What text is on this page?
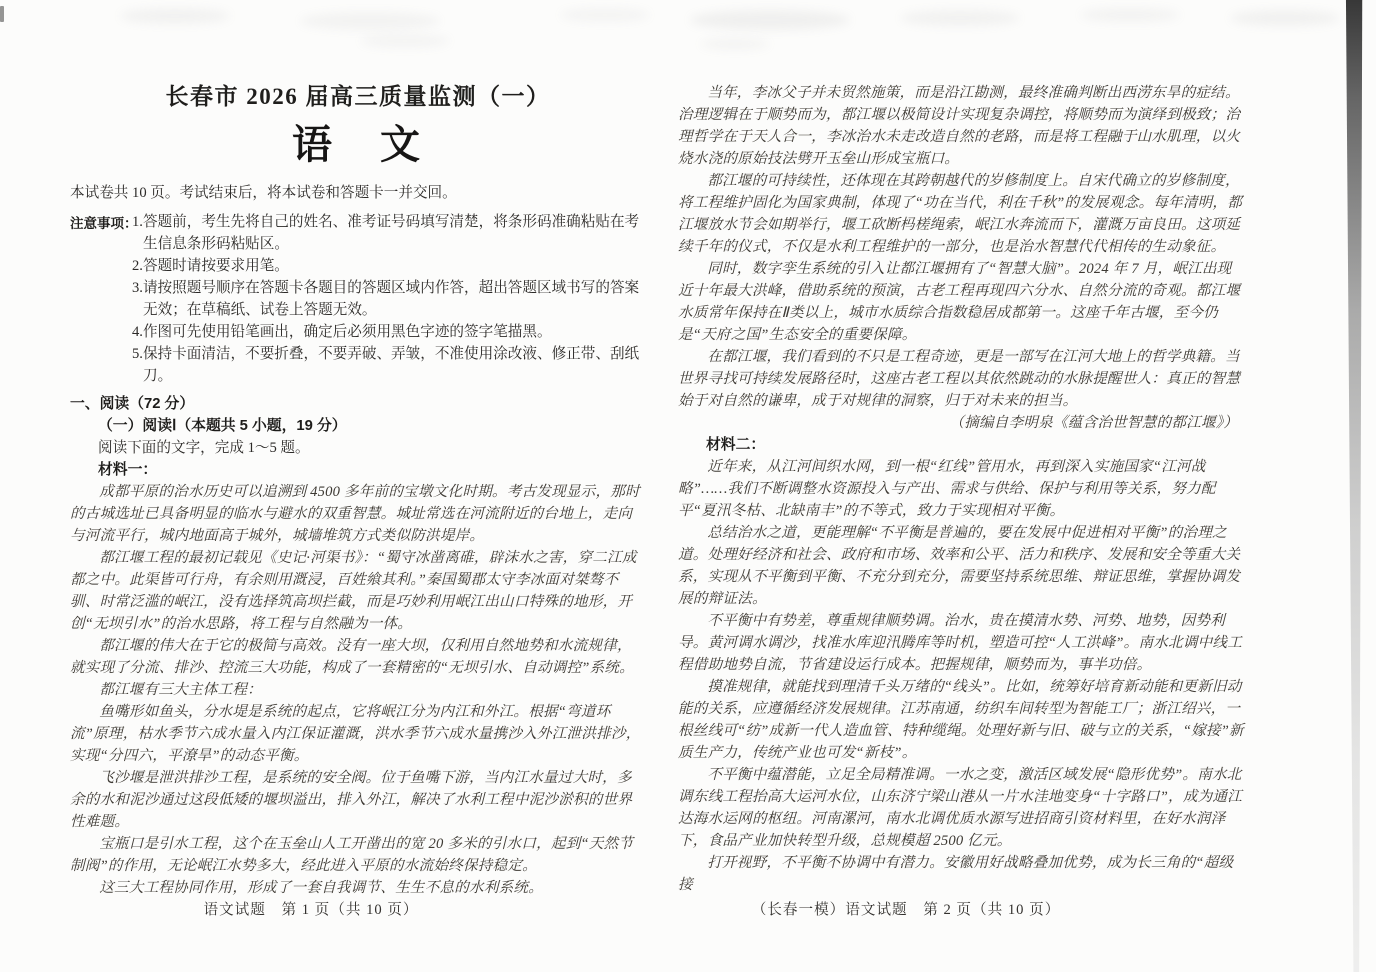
长春市 2026 届高三质量监测（一）
语　文

本试卷共 10 页。考试结束后，将本试卷和答题卡一并交回。

注意事项：
1.答题前，考生先将自己的姓名、准考证号码填写清楚，将条形码准确粘贴在考生信息条形码粘贴区。
2.答题时请按要求用笔。
3.请按照题号顺序在答题卡各题目的答题区域内作答，超出答题区域书写的答案无效；在草稿纸、试卷上答题无效。
4.作图可先使用铅笔画出，确定后必须用黑色字迹的签字笔描黑。
5.保持卡面清洁，不要折叠，不要弄破、弄皱，不准使用涂改液、修正带、刮纸刀。

一、阅读（72 分）

（一）阅读Ⅰ（本题共 5 小题，19 分）

阅读下面的文字，完成 1～5 题。

材料一：

成都平原的治水历史可以追溯到 4500 多年前的宝墩文化时期。考古发现显示，那时的古城选址已具备明显的临水与避水的双重智慧。城址常选在河流附近的台地上，走向与河流平行，城内地面高于城外，城墙堆筑方式类似防洪堤岸。

都江堰工程的最初记载见《史记·河渠书》：“蜀守冰凿离碓，辟沫水之害，穿二江成都之中。此渠皆可行舟，有余则用溉浸，百姓飨其利。”秦国蜀郡太守李冰面对桀骜不驯、时常泛滥的岷江，没有选择筑高坝拦截，而是巧妙利用岷江出山口特殊的地形，开创“无坝引水”的治水思路，将工程与自然融为一体。

都江堰的伟大在于它的极简与高效。没有一座大坝，仅利用自然地势和水流规律，就实现了分流、排沙、控流三大功能，构成了一套精密的“无坝引水、自动调控”系统。

都江堰有三大主体工程：

鱼嘴形如鱼头，分水堤是系统的起点，它将岷江分为内江和外江。根据“弯道环流”原理，枯水季节六成水量入内江保证灌溉，洪水季节六成水量携沙入外江泄洪排沙，实现“分四六，平潦旱”的动态平衡。

飞沙堰是泄洪排沙工程，是系统的安全阀。位于鱼嘴下游，当内江水量过大时，多余的水和泥沙通过这段低矮的堰坝溢出，排入外江，解决了水利工程中泥沙淤积的世界性难题。

宝瓶口是引水工程，这个在玉垒山人工开凿出的宽 20 多米的引水口，起到“天然节制阀”的作用，无论岷江水势多大，经此进入平原的水流始终保持稳定。

这三大工程协同作用，形成了一套自我调节、生生不息的水利系统。

语文试题　第 1 页（共 10 页）

当年，李冰父子并未贸然施策，而是沿江勘测，最终准确判断出西涝东旱的症结。治理逻辑在于顺势而为，都江堰以极简设计实现复杂调控，将顺势而为演绎到极致；治理哲学在于天人合一，李冰治水未走改造自然的老路，而是将工程融于山水肌理，以火烧水浇的原始技法劈开玉垒山形成宝瓶口。

都江堰的可持续性，还体现在其跨朝越代的岁修制度上。自宋代确立的岁修制度，将工程维护固化为国家典制，体现了“功在当代，利在千秋”的发展观念。每年清明，都江堰放水节会如期举行，堰工砍断杩槎绳索，岷江水奔流而下，灌溉万亩良田。这项延续千年的仪式，不仅是水利工程维护的一部分，也是治水智慧代代相传的生动象征。

同时，数字孪生系统的引入让都江堰拥有了“智慧大脑”。2024 年 7 月，岷江出现近十年最大洪峰，借助系统的预演，古老工程再现四六分水、自然分流的奇观。都江堰水质常年保持在Ⅱ类以上，城市水质综合指数稳居成都第一。这座千年古堰，至今仍是“天府之国”生态安全的重要保障。

在都江堰，我们看到的不只是工程奇迹，更是一部写在江河大地上的哲学典籍。当世界寻找可持续发展路径时，这座古老工程以其依然跳动的水脉提醒世人：真正的智慧始于对自然的谦卑，成于对规律的洞察，归于对未来的担当。

（摘编自李明泉《蕴含治世智慧的都江堰》）

材料二：

近年来，从江河间织水网，到一根“红线”管用水，再到深入实施国家“江河战略”……我们不断调整水资源投入与产出、需求与供给、保护与利用等关系，努力配平“夏汛冬枯、北缺南丰”的不等式，致力于实现相对平衡。

总结治水之道，更能理解“不平衡是普遍的，要在发展中促进相对平衡”的治理之道。处理好经济和社会、政府和市场、效率和公平、活力和秩序、发展和安全等重大关系，实现从不平衡到平衡、不充分到充分，需要坚持系统思维、辩证思维，掌握协调发展的辩证法。

不平衡中有势差，尊重规律顺势调。治水，贵在摸清水势、河势、地势，因势利导。黄河调水调沙，找准水库迎汛腾库等时机，塑造可控“人工洪峰”。南水北调中线工程借助地势自流，节省建设运行成本。把握规律，顺势而为，事半功倍。

摸准规律，就能找到理清千头万绪的“线头”。比如，统筹好培育新动能和更新旧动能的关系，应遵循经济发展规律。江苏南通，纺织车间转型为智能工厂；浙江绍兴，一根丝线可“纺”成新一代人造血管、特种缆绳。处理好新与旧、破与立的关系，“嫁接”新质生产力，传统产业也可发“新枝”。

不平衡中蕴潜能，立足全局精准调。一水之变，激活区域发展“隐形优势”。南水北调东线工程抬高大运河水位，山东济宁梁山港从一片水洼地变身“十字路口”，成为通江达海水运网的枢纽。河南漯河，南水北调优质水源写进招商引资材料里，在好水润泽下，食品产业加快转型升级，总规模超 2500 亿元。

打开视野，不平衡不协调中有潜力。安徽用好战略叠加优势，成为长三角的“超级接

（长春一模）语文试题　第 2 页（共 10 页）
